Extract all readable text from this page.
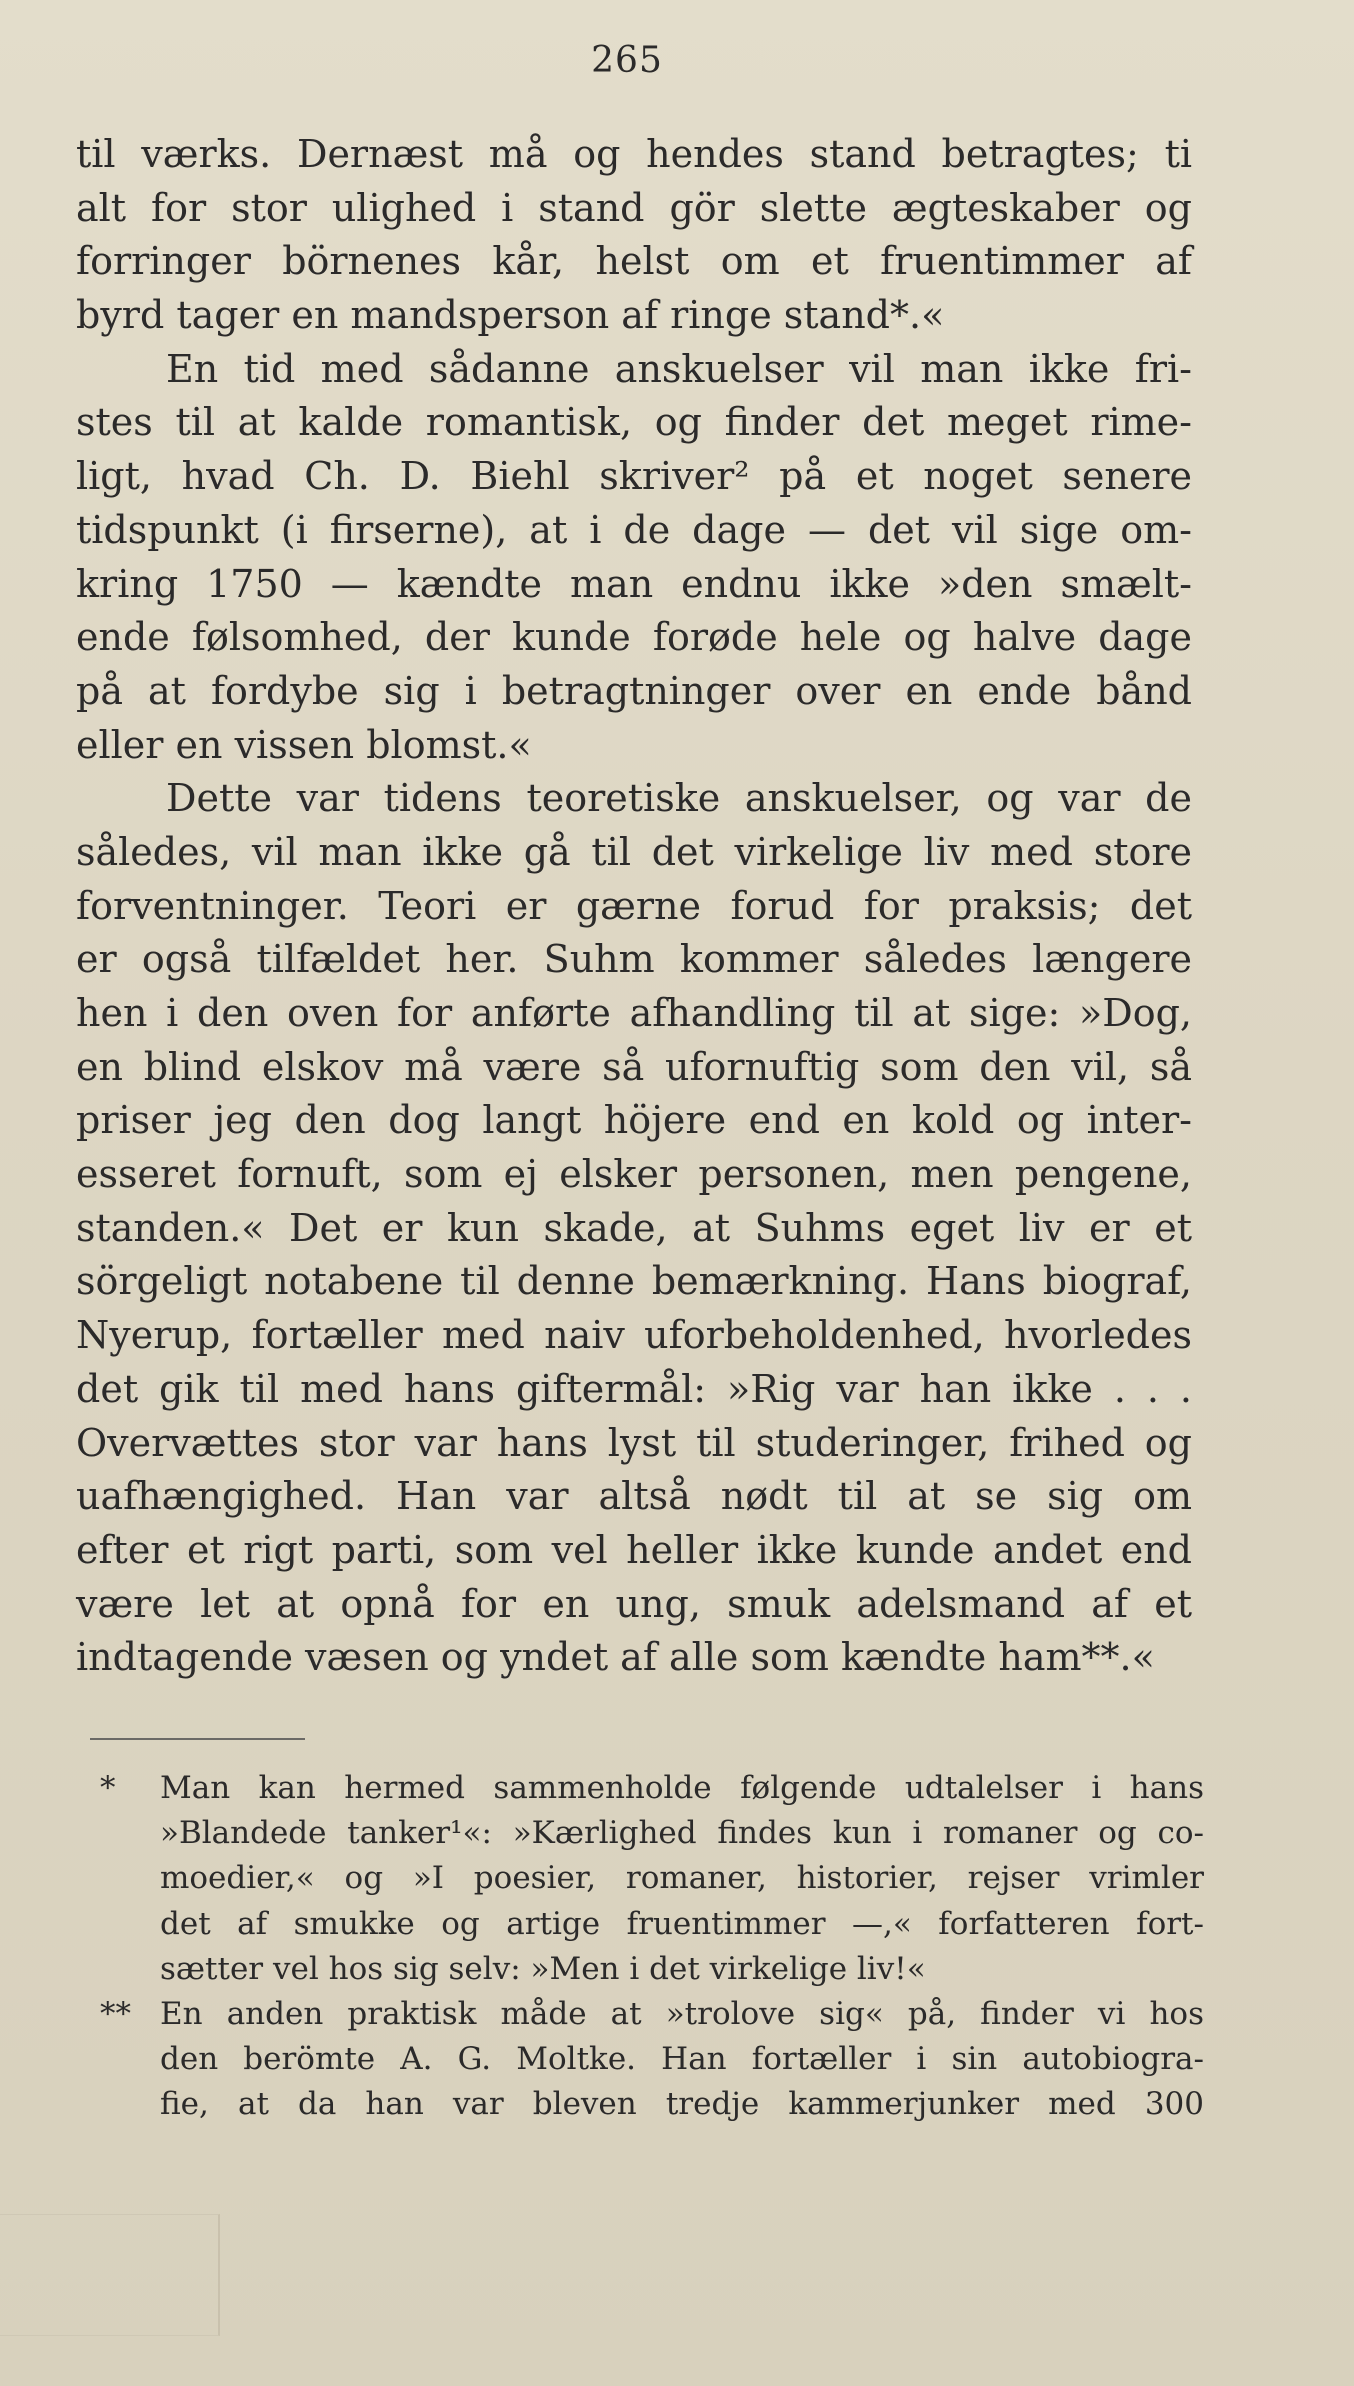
265
til værks. Dernæst må og hendes stand betragtes; ti
alt for stor ulighed i stand gör slette ægteskaber og
forringer börnenes kår, helst om et fruentimmer af
byrd tager en mandsperson af ringe stand*.«
En tid med sådanne anskuelser vil man ikke fri-
stes til at kalde romantisk, og finder det meget rime-
ligt, hvad Ch. D. Biehl skriver² på et noget senere
tidspunkt (i firserne), at i de dage — det vil sige om-
kring 1750 — kændte man endnu ikke »den smælt-
ende følsomhed, der kunde forøde hele og halve dage
på at fordybe sig i betragtninger over en ende bånd
eller en vissen blomst.«
Dette var tidens teoretiske anskuelser, og var de
således, vil man ikke gå til det virkelige liv med store
forventninger. Teori er gærne forud for praksis; det
er også tilfældet her. Suhm kommer således længere
hen i den oven for anførte afhandling til at sige: »Dog,
en blind elskov må være så ufornuftig som den vil, så
priser jeg den dog langt höjere end en kold og inter-
esseret fornuft, som ej elsker personen, men pengene,
standen.« Det er kun skade, at Suhms eget liv er et
sörgeligt notabene til denne bemærkning. Hans biograf,
Nyerup, fortæller med naiv uforbeholdenhed, hvorledes
det gik til med hans giftermål: »Rig var han ikke . . .
Overvættes stor var hans lyst til studeringer, frihed og
uafhængighed. Han var altså nødt til at se sig om
efter et rigt parti, som vel heller ikke kunde andet end
være let at opnå for en ung, smuk adelsmand af et
indtagende væsen og yndet af alle som kændte ham**.«
* Man kan hermed sammenholde følgende udtalelser i hans
»Blandede tanker¹«: »Kærlighed findes kun i romaner og co-
moedier,« og »I poesier, romaner, historier, rejser vrimler
det af smukke og artige fruentimmer —,« forfatteren fort-
sætter vel hos sig selv: »Men i det virkelige liv!«
** En anden praktisk måde at »trolove sig« på, finder vi hos
den berömte A. G. Moltke. Han fortæller i sin autobiogra-
fie, at da han var bleven tredje kammerjunker med 300
